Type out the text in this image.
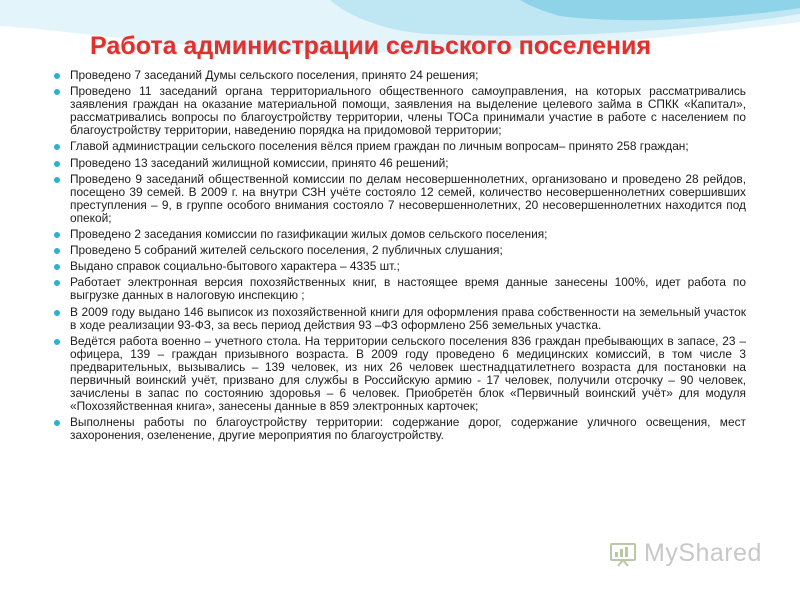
Работа администрации сельского поселения
Проведено 7 заседаний Думы сельского поселения, принято 24 решения;
Проведено 11 заседаний органа территориального общественного самоуправления, на которых рассматривались заявления граждан на оказание материальной помощи, заявления на выделение целевого займа в СПКК «Капитал», рассматривались вопросы по благоустройству территории, члены ТОСа принимали участие в работе с населением по благоустройству территории, наведению порядка на придомовой территории;
Главой администрации сельского поселения вёлся прием граждан по личным вопросам– принято 258 граждан;
Проведено 13 заседаний жилищной комиссии, принято 46 решений;
Проведено 9 заседаний общественной комиссии по делам несовершеннолетних, организовано и проведено 28 рейдов, посещено 39 семей. В 2009 г. на внутри СЗН учёте состояло 12 семей, количество несовершеннолетних совершивших преступления – 9, в группе особого внимания состояло 7 несовершеннолетних, 20 несовершеннолетних находится под опекой;
Проведено 2 заседания комиссии по газификации жилых домов сельского поселения;
Проведено 5 собраний жителей сельского поселения, 2 публичных слушания;
Выдано справок социально-бытового характера – 4335 шт.;
Работает электронная версия похозяйственных книг, в настоящее время данные занесены 100%, идет работа по выгрузке данных в налоговую инспекцию ;
В 2009 году выдано 146 выписок из похозяйственной книги для оформления права собственности на земельный участок в ходе реализации 93-ФЗ, за весь период действия 93 –ФЗ оформлено 256 земельных участка.
Ведётся работа военно – учетного стола. На территории сельского поселения 836 граждан пребывающих в запасе, 23 – офицера, 139 – граждан призывного возраста. В 2009 году проведено 6 медицинских комиссий, в том числе 3 предварительных, вызывались – 139 человек, из них 26 человек шестнадцатилетнего возраста для постановки на первичный воинский учёт, призвано для службы в Российскую армию - 17 человек, получили отсрочку – 90 человек, зачислены в запас по состоянию здоровья – 6 человек. Приобретён блок «Первичный воинский учёт» для модуля «Похозяйственная книга», занесены данные в 859 электронных карточек;
Выполнены работы по благоустройству территории: содержание дорог, содержание уличного освещения, мест захоронения, озеленение, другие мероприятия по благоустройству.
MyShared
